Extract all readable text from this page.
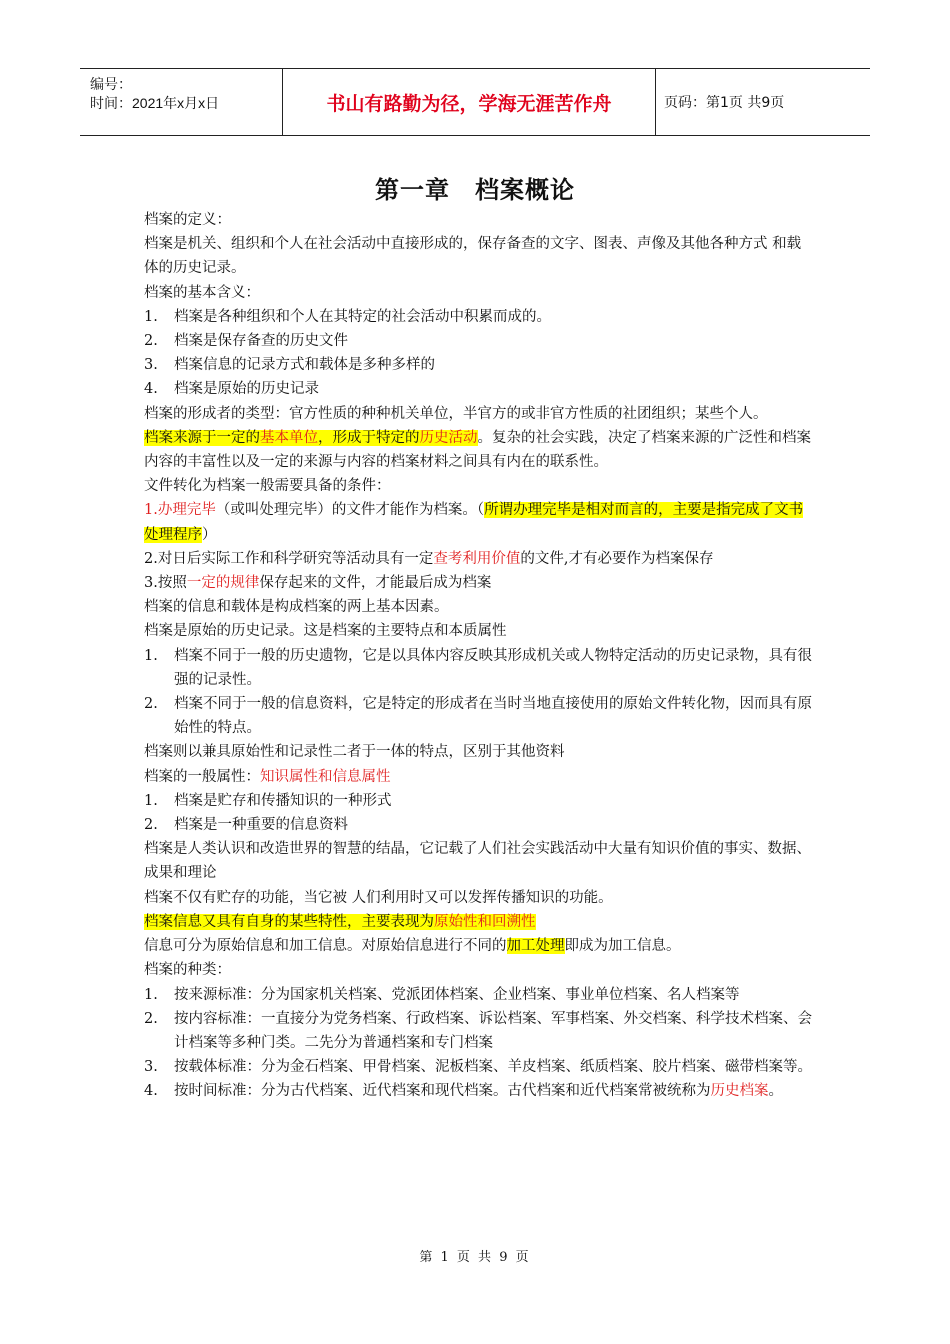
编号：
时间：2021年x月x日	书山有路勤为径，学海无涯苦作舟	页码：第1页 共9页
第一章　档案概论

档案的定义：

档案是机关、组织和个人在社会活动中直接形成的，保存备查的文字、图表、声像及其他各种方式 和载体的历史记录。

档案的基本含义：

1. 档案是各种组织和个人在其特定的社会活动中积累而成的。
2. 档案是保存备查的历史文件
3. 档案信息的记录方式和载体是多种多样的
4. 档案是原始的历史记录

档案的形成者的类型：官方性质的种种机关单位，半官方的或非官方性质的社团组织；某些个人。

档案来源于一定的基本单位，形成于特定的历史活动。复杂的社会实践，决定了档案来源的广泛性和档案内容的丰富性以及一定的来源与内容的档案材料之间具有内在的联系性。

文件转化为档案一般需要具备的条件：

1.办理完毕（或叫处理完毕）的文件才能作为档案。（所谓办理完毕是相对而言的，主要是指完成了文书处理程序）

2.对日后实际工作和科学研究等活动具有一定查考利用价值的文件,才有必要作为档案保存

3.按照一定的规律保存起来的文件，才能最后成为档案

档案的信息和载体是构成档案的两上基本因素。

档案是原始的历史记录。这是档案的主要特点和本质属性

1. 档案不同于一般的历史遗物，它是以具体内容反映其形成机关或人物特定活动的历史记录物，具有很强的记录性。
2. 档案不同于一般的信息资料，它是特定的形成者在当时当地直接使用的原始文件转化物，因而具有原始性的特点。

档案则以兼具原始性和记录性二者于一体的特点，区别于其他资料

档案的一般属性：知识属性和信息属性

1. 档案是贮存和传播知识的一种形式
2. 档案是一种重要的信息资料

档案是人类认识和改造世界的智慧的结晶，它记载了人们社会实践活动中大量有知识价值的事实、数据、成果和理论

档案不仅有贮存的功能，当它被 人们利用时又可以发挥传播知识的功能。

档案信息又具有自身的某些特性，主要表现为原始性和回溯性

信息可分为原始信息和加工信息。对原始信息进行不同的加工处理即成为加工信息。

档案的种类：

1. 按来源标准：分为国家机关档案、党派团体档案、企业档案、事业单位档案、名人档案等
2. 按内容标准：一直接分为党务档案、行政档案、诉讼档案、军事档案、外交档案、科学技术档案、会计档案等多种门类。二先分为普通档案和专门档案
3. 按载体标准：分为金石档案、甲骨档案、泥板档案、羊皮档案、纸质档案、胶片档案、磁带档案等。
4. 按时间标准：分为古代档案、近代档案和现代档案。古代档案和近代档案常被统称为历史档案。
第 1 页 共 9 页
